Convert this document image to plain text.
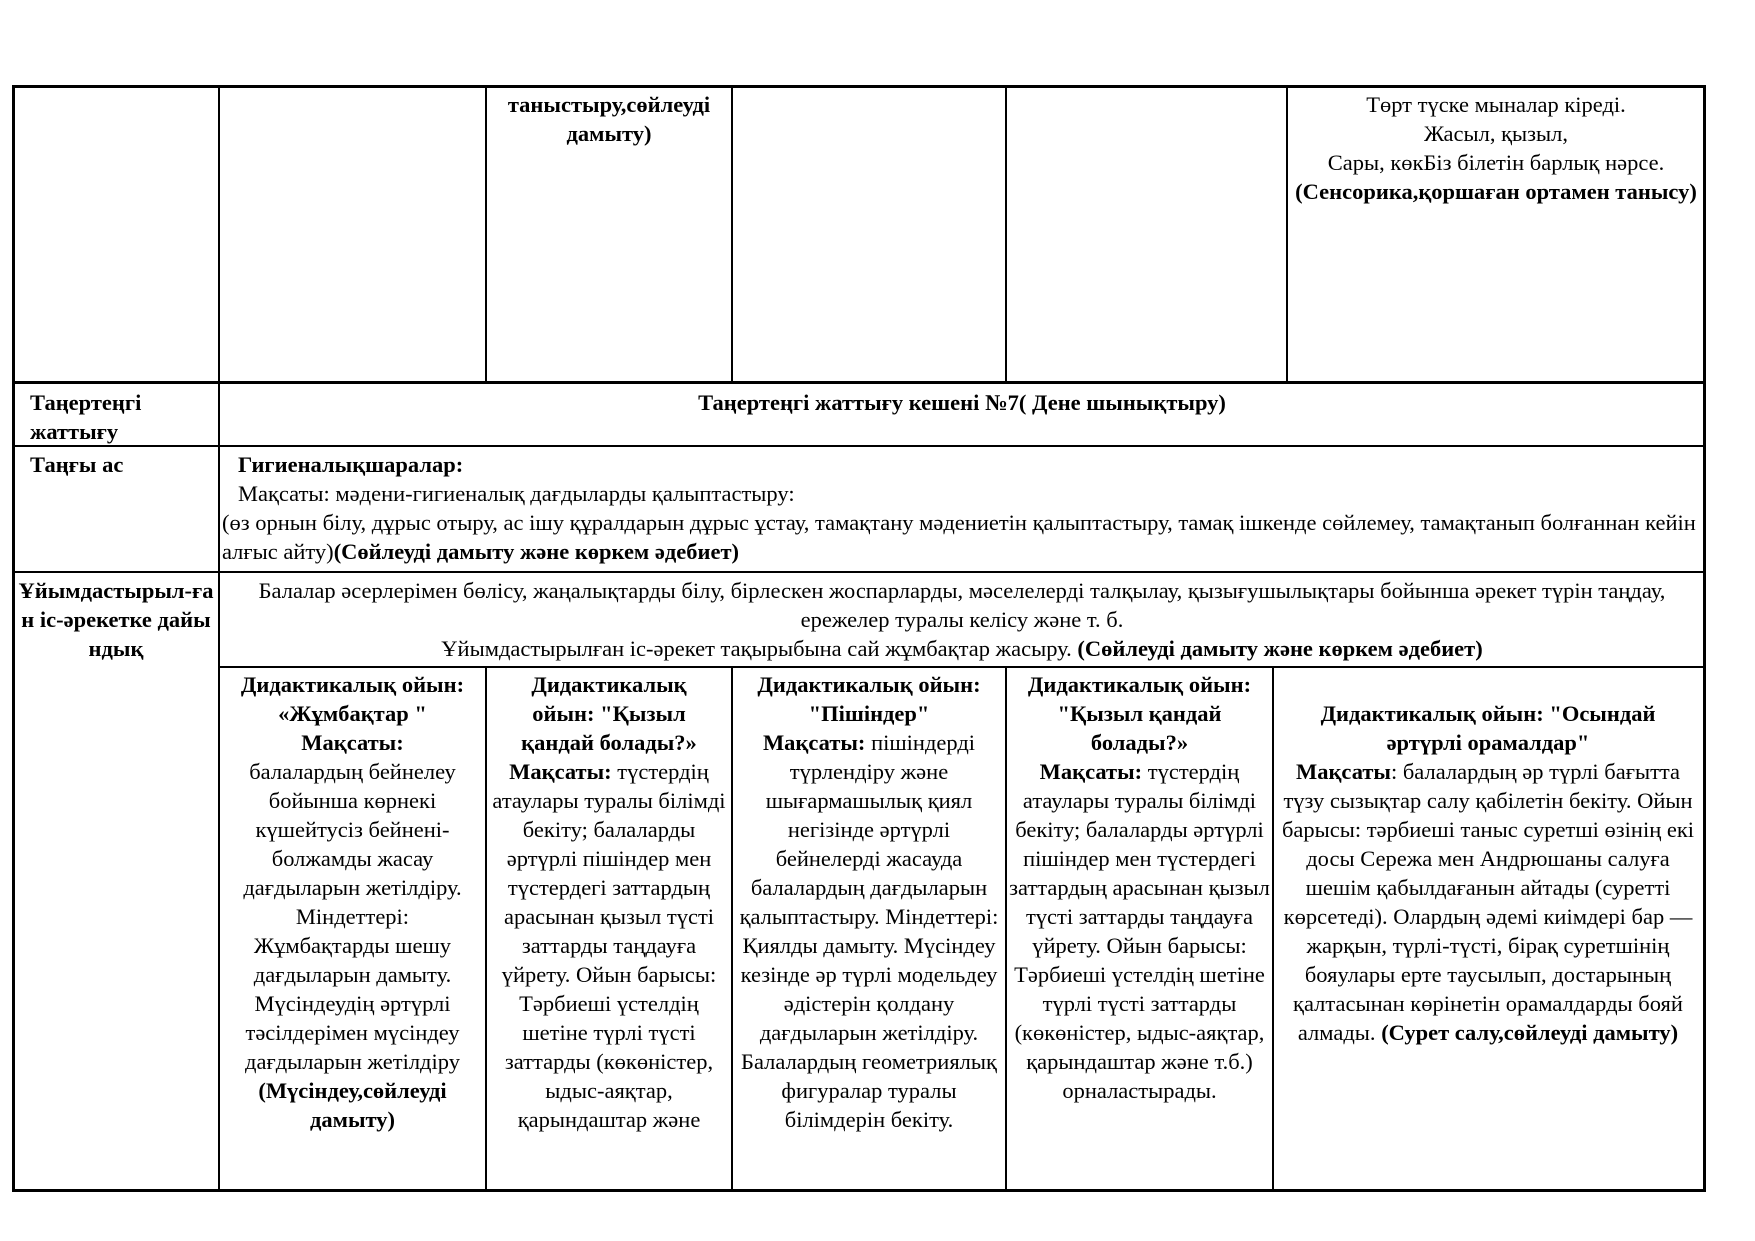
таныстыру,сөйлеуді дамыту)

Төрт түске мыналар кіреді.

Жасыл, қызыл,

Сары, көкБіз білетін барлық нәрсе.(Сенсорика,қоршаған ортамен танысу)

Таңертеңгі жаттығу
Таңертеңгі жаттығу кешені №7( Дене шынықтыру)
Таңғы ас	Гигиеналықшаралар:

Мақсаты: мәдени-гигиеналық дағдыларды қалыптастыру:

(өз орнын білу, дұрыс отыру, ас ішу құралдарын дұрыс ұстау, тамақтану мәдениетін қалыптастыру, тамақ ішкенде сөйлемеу, тамақтанып болғаннан кейін алғыс айту)(Сөйлеуді дамыту және көркем әдебиет)

Ұйымдастырыл-ған іс-әрекетке дайындық

Балалар әсерлерімен бөлісу, жаңалықтарды білу, бірлескен жоспарларды, мәселелерді талқылау, қызығушылықтары бойынша әрекет түрін таңдау, ережелер туралы келісу және т. б.

Ұйымдастырылған іс-әрекет тақырыбына сай жұмбақтар жасыру. (Сөйлеуді дамыту және көркем әдебиет)

Дидактикалық ойын: «Жұмбақтар "

Мақсаты:

балалардың бейнелеу бойынша көрнекі күшейтусіз бейнені-болжамды жасау дағдыларын жетілдіру. Міндеттері: Жұмбақтарды шешу дағдыларын дамыту. Мүсіндеудің әртүрлі тәсілдерімен мүсіндеу дағдыларын жетілдіру

(Мүсіндеу,сөйлеуді дамыту)

Дидактикалық ойын: "Қызыл қандай болады?»

Мақсаты: түстердің атаулары туралы білімді бекіту; балаларды әртүрлі пішіндер мен түстердегі заттардың арасынан қызыл түсті заттарды таңдауға үйрету. Ойын барысы: Тәрбиеші үстелдің шетіне түрлі түсті заттарды (көкөністер, ыдыс-аяқтар, қарындаштар және

Дидактикалық ойын: "Пішіндер"

Мақсаты: пішіндерді түрлендіру және шығармашылық қиял негізінде әртүрлі бейнелерді жасауда балалардың дағдыларын қалыптастыру. Міндеттері: Қиялды дамыту. Мүсіндеу кезінде әр түрлі модельдеу әдістерін қолдану дағдыларын жетілдіру. Балалардың геометриялық фигуралар туралы білімдерін бекіту.

Дидактикалық ойын: "Қызыл қандай болады?»

Мақсаты: түстердің атаулары туралы білімді бекіту; балаларды әртүрлі пішіндер мен түстердегі заттардың арасынан қызыл түсті заттарды таңдауға үйрету. Ойын барысы: Тәрбиеші үстелдің шетіне түрлі түсті заттарды (көкөністер, ыдыс-аяқтар, қарындаштар және т.б.) орналастырады.

Дидактикалық ойын: "Осындай әртүрлі орамалдар"

Мақсаты: балалардың әр түрлі бағытта түзу сызықтар салу қабілетін бекіту. Ойын барысы: тәрбиеші таныс суретші өзінің екі досы Сережа мен Андрюшаны салуға шешім қабылдағанын айтады (суретті көрсетеді). Олардың әдемі киімдері бар — жарқын, түрлі-түсті, бірақ суретшінің бояулары ерте таусылып, достарының қалтасынан көрінетін орамалдарды бояй алмады. (Сурет салу,сөйлеуді дамыту)
